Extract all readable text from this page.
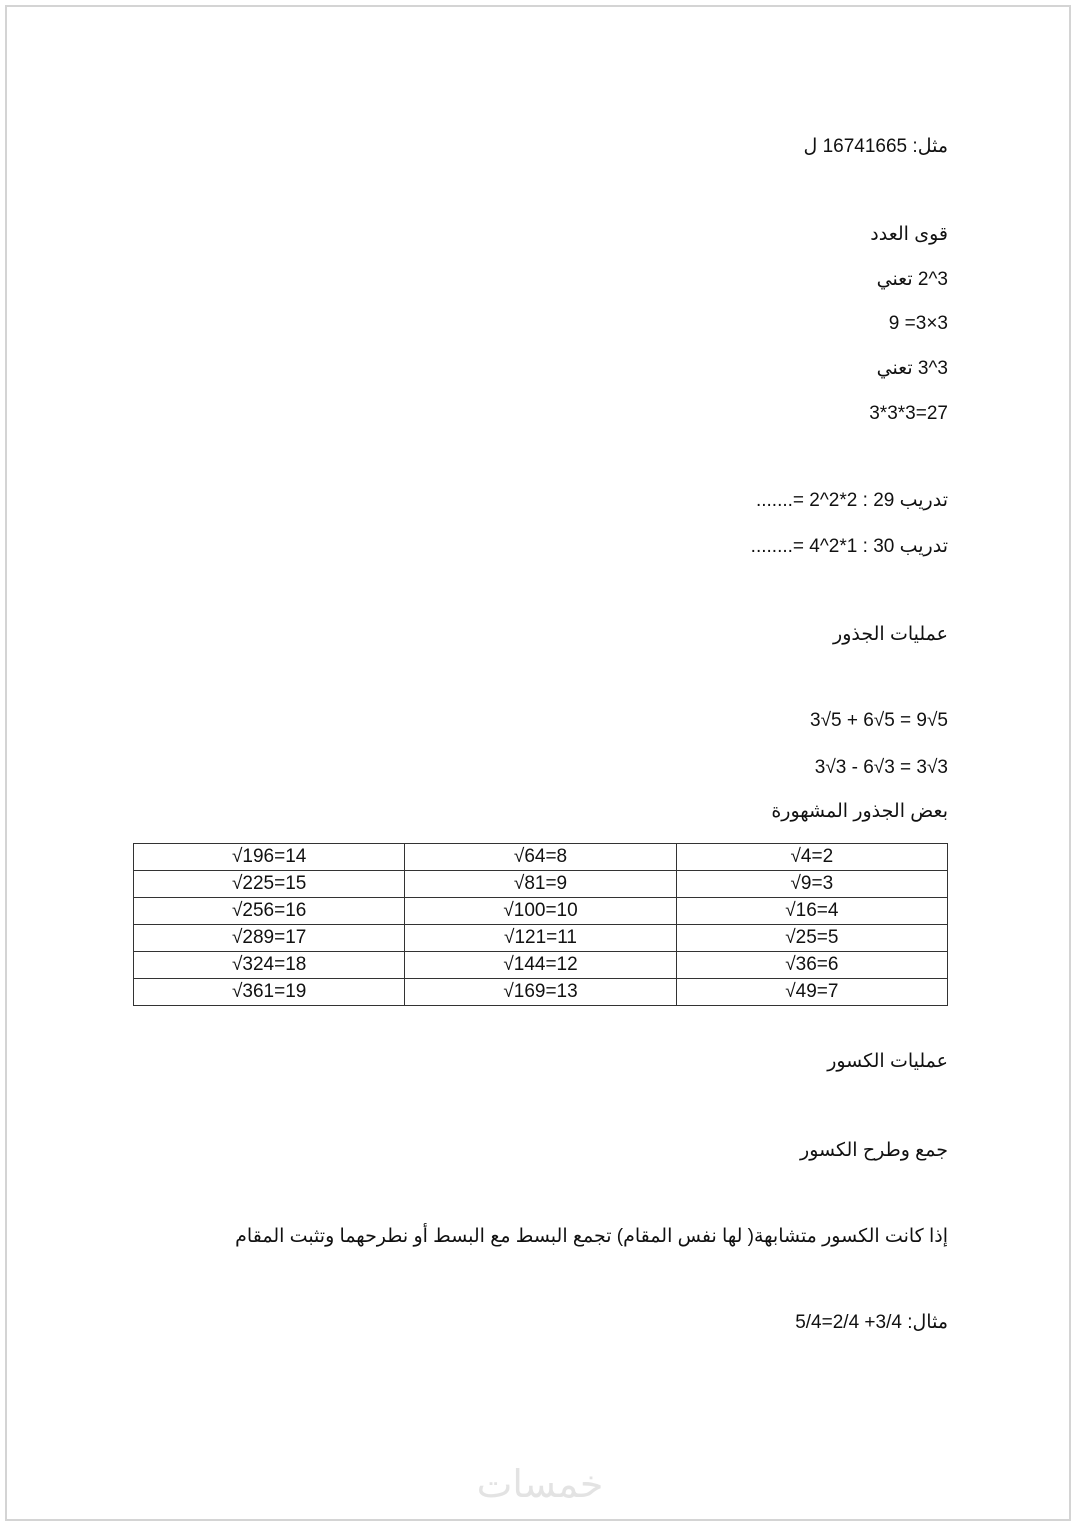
مثل: 16741665 ل
قوى العدد
3^2 تعني
3×3= 9
3^3 تعني
27=3*3*3
تدريب 29 : 2*2^2 =.......
تدريب 30 : 1*2^4 =........
عمليات الجذور
3√5 + 6√5 = 9√5
3√3 - 6√3 = 3√3
بعض الجذور المشهورة
√4=2	√64=8	√196=14
√9=3	√81=9	√225=15
√16=4	√100=10	√256=16
√25=5	√121=11	√289=17
√36=6	√144=12	√324=18
√49=7	√169=13	√361=19
عمليات الكسور
جمع وطرح الكسور
إذا كانت الكسور متشابهة( لها نفس المقام) تجمع البسط مع البسط أو نطرحهما وتثبت المقام
مثال: 3/4+ 2/4=5/4
خمسات
